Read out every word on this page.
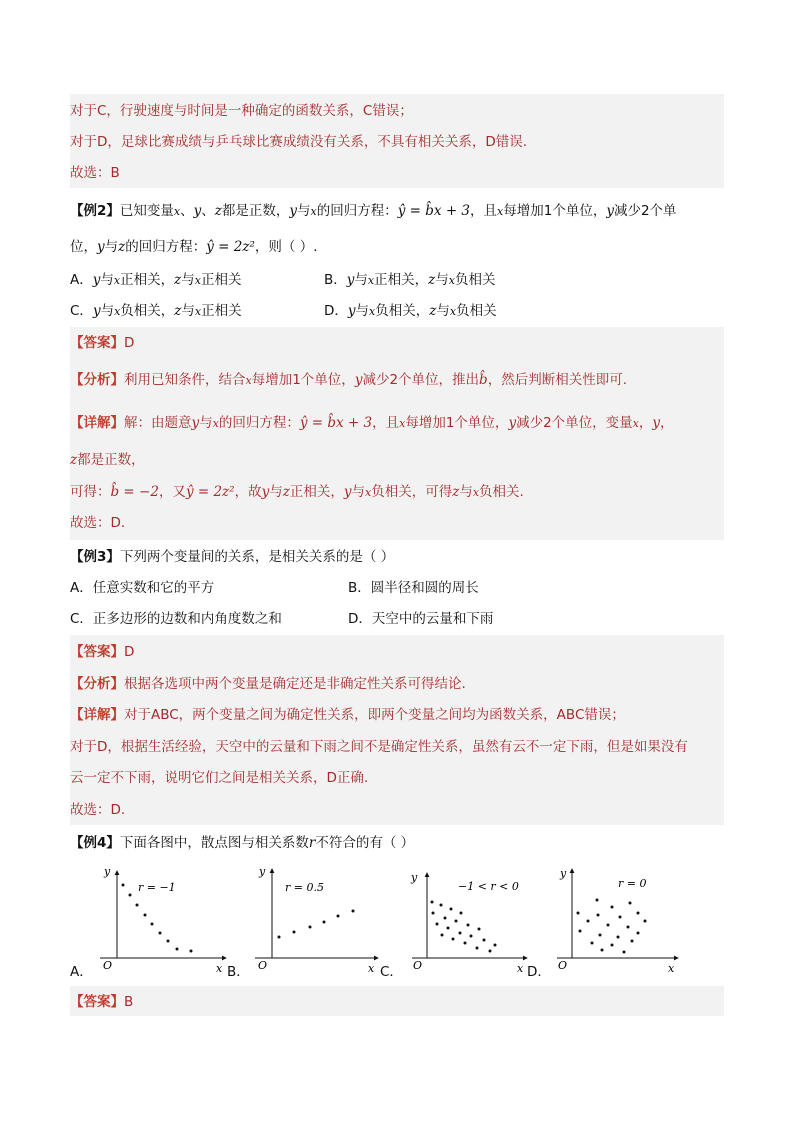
对于C，行驶速度与时间是一种确定的函数关系，C错误；
对于D，足球比赛成绩与乒乓球比赛成绩没有关系，不具有相关关系，D错误.
故选：B
【例2】已知变量x、y、z都是正数，y与x的回归方程：ŷ = b̂x + 3，且x每增加1个单位，y减少2个单
位，y与z的回归方程：ŷ = 2z²，则（ ）.
A．y与x正相关，z与x正相关	B．y与x正相关，z与x负相关
C．y与x负相关，z与x正相关	D．y与x负相关，z与x负相关
【答案】D
【分析】利用已知条件，结合x每增加1个单位，y减少2个单位，推出b̂，然后判断相关性即可.
【详解】解：由题意y与x的回归方程：ŷ = b̂x + 3，且x每增加1个单位，y减少2个单位，变量x，y，
z都是正数，
可得：b̂ = −2，又ŷ = 2z²，故y与z正相关，y与x负相关，可得z与x负相关.
故选：D.
【例3】下列两个变量间的关系，是相关关系的是（ ）
A．任意实数和它的平方	B．圆半径和圆的周长
C．正多边形的边数和内角度数之和	D．天空中的云量和下雨
【答案】D
【分析】根据各选项中两个变量是确定还是非确定性关系可得结论.
【详解】对于ABC，两个变量之间为确定性关系，即两个变量之间均为函数关系，ABC错误；
对于D，根据生活经验，天空中的云量和下雨之间不是确定性关系，虽然有云不一定下雨，但是如果没有
云一定不下雨，说明它们之间是相关关系，D正确.
故选：D.
【例4】下面各图中，散点图与相关系数r不符合的有（ ）
y
x
O
r = −1
y
x
O
r = 0.5
y
x
O
−1 < r < 0
y
x
O
r = 0
A．	B．	C．	D．
【答案】B
